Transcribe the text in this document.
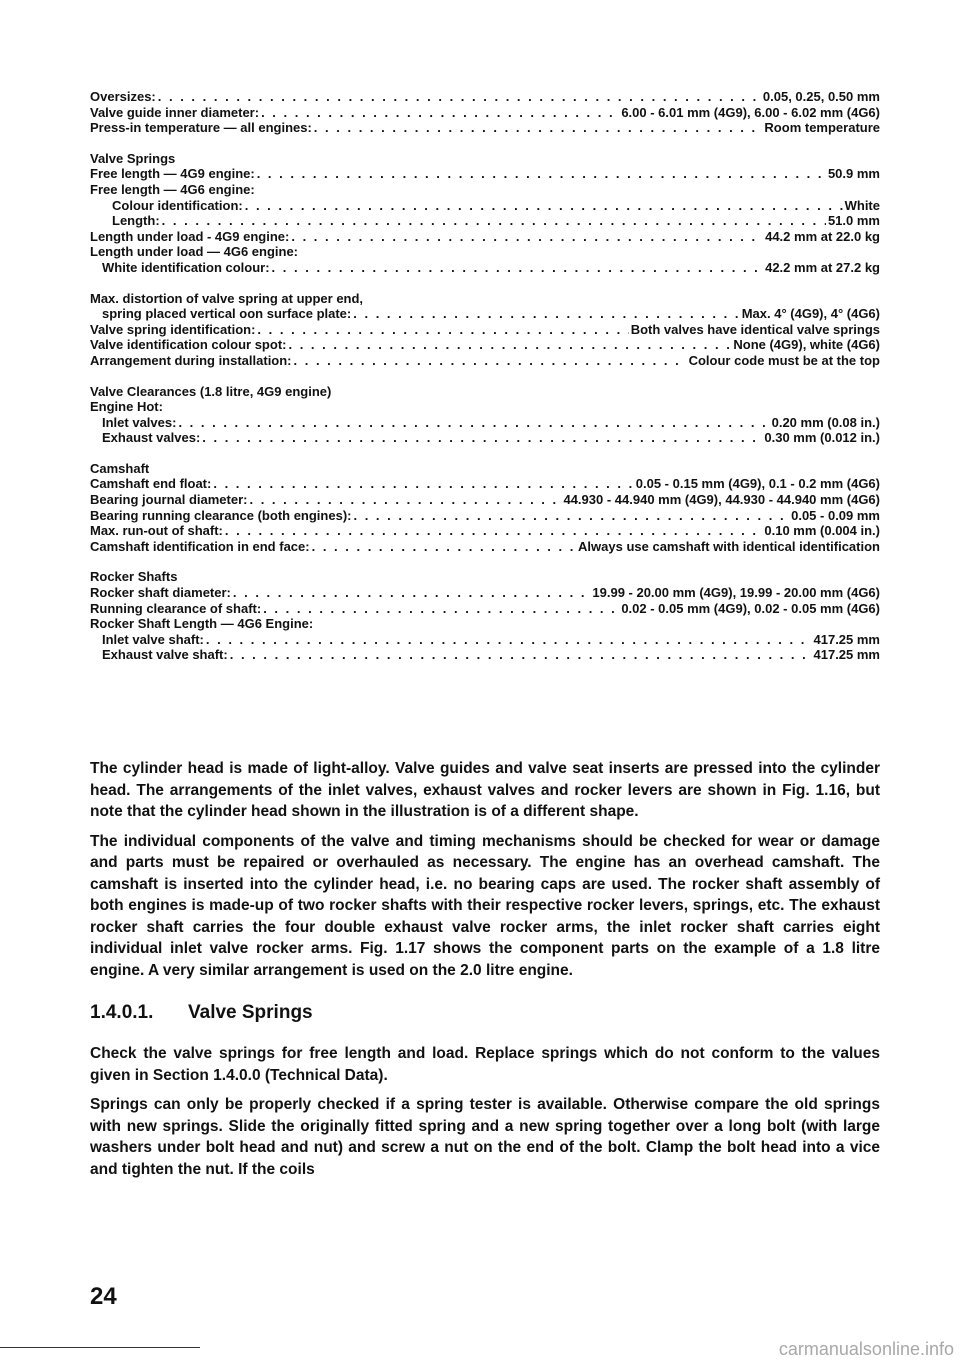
Oversizes: . . .	0.05, 0.25, 0.50 mm
Valve guide inner diameter: . . .	6.00 - 6.01 mm (4G9), 6.00 - 6.02 mm (4G6)
Press-in temperature — all engines: . . .	Room temperature
Valve Springs
Free length — 4G9 engine: . . .	50.9 mm
Free length — 4G6 engine:
Colour identification: . . .	White
Length: . . .	51.0 mm
Length under load - 4G9 engine: . . .	44.2 mm at 22.0 kg
Length under load — 4G6 engine:
White identification colour: . . .	42.2 mm at 27.2 kg
Max. distortion of valve spring at upper end,
spring placed vertical oon surface plate: . . .	Max. 4° (4G9), 4° (4G6)
Valve spring identification: . . .	Both valves have identical valve springs
Valve identification colour spot: . . .	None (4G9), white (4G6)
Arrangement during installation: . . .	Colour code must be at the top
Valve Clearances (1.8 litre, 4G9 engine)
Engine Hot:
Inlet valves: . . .	0.20 mm (0.08 in.)
Exhaust valves: . . .	0.30 mm (0.012 in.)
Camshaft
Camshaft end float: . . .	0.05 - 0.15 mm (4G9), 0.1 - 0.2 mm (4G6)
Bearing journal diameter: . . .	44.930 - 44.940 mm (4G9), 44.930 - 44.940 mm (4G6)
Bearing running clearance (both engines): . . .	0.05 - 0.09 mm
Max. run-out of shaft: . . .	0.10 mm (0.004 in.)
Camshaft identification in end face: . . .	Always use camshaft with identical identification
Rocker Shafts
Rocker shaft diameter: . . .	19.99 - 20.00 mm (4G9), 19.99 - 20.00 mm (4G6)
Running clearance of shaft: . . .	0.02 - 0.05 mm (4G9), 0.02 - 0.05 mm (4G6)
Rocker Shaft Length — 4G6 Engine:
Inlet valve shaft: . . .	417.25 mm
Exhaust valve shaft: . . .	417.25 mm

The cylinder head is made of light-alloy. Valve guides and valve seat inserts are pressed into the cylinder head. The arrangements of the inlet valves, exhaust valves and rocker levers are shown in Fig. 1.16, but note that the cylinder head shown in the illustration is of a different shape.

The individual components of the valve and timing mechanisms should be checked for wear or damage and parts must be repaired or overhauled as necessary. The engine has an overhead camshaft. The camshaft is inserted into the cylinder head, i.e. no bearing caps are used. The rocker shaft assembly of both engines is made-up of two rocker shafts with their respective rocker levers, springs, etc. The exhaust rocker shaft carries the four double exhaust valve rocker arms, the inlet rocker shaft carries eight individual inlet valve rocker arms. Fig. 1.17 shows the component parts on the example of a 1.8 litre engine. A very similar arrangement is used on the 2.0 litre engine.

1.4.0.1. Valve Springs

Check the valve springs for free length and load. Replace springs which do not conform to the values given in Section 1.4.0.0 (Technical Data).

Springs can only be properly checked if a spring tester is available. Otherwise compare the old springs with new springs. Slide the originally fitted spring and a new spring together over a long bolt (with large washers under bolt head and nut) and screw a nut on the end of the bolt. Clamp the bolt head into a vice and tighten the nut. If the coils

24
carmanualsonline.info
